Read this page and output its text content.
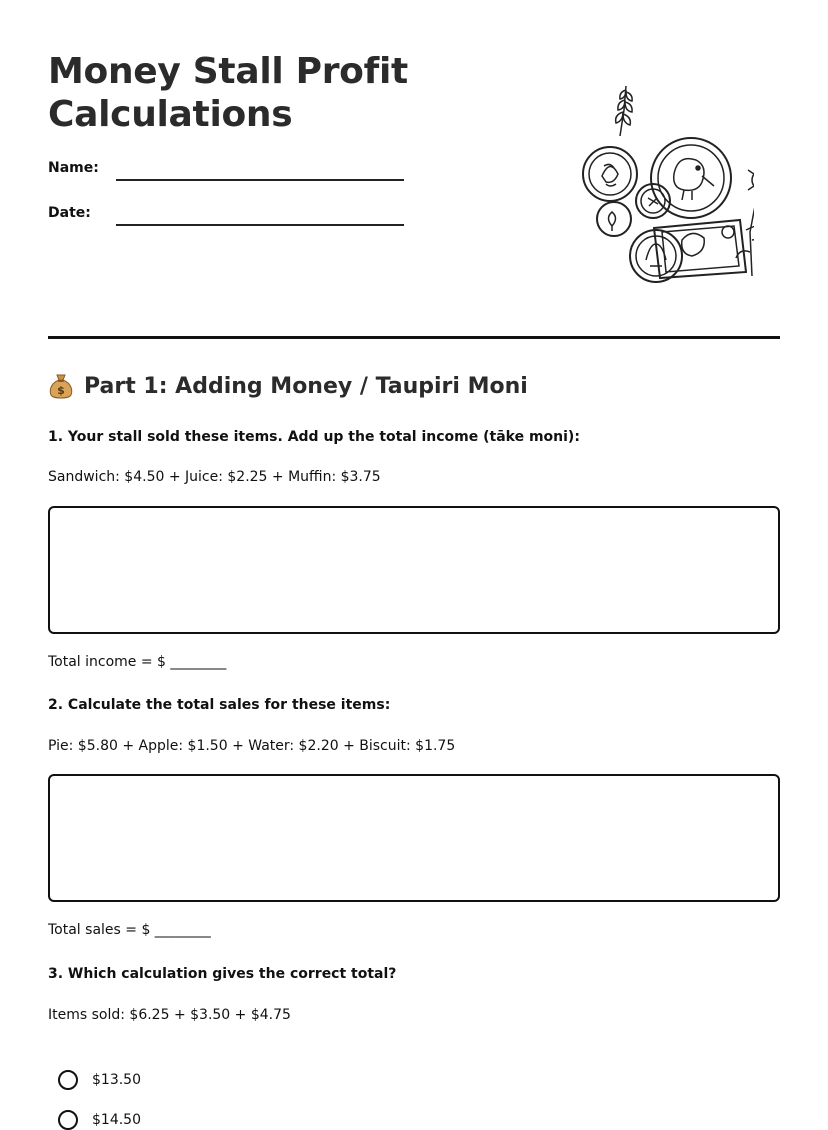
Money Stall Profit Calculations
Name:
Date:
$ Part 1: Adding Money / Taupiri Moni
1. Your stall sold these items. Add up the total income (tāke moni):
Sandwich: $4.50 + Juice: $2.25 + Muffin: $3.75
Total income = $ ________
2. Calculate the total sales for these items:
Pie: $5.80 + Apple: $1.50 + Water: $2.20 + Biscuit: $1.75
Total sales = $ ________
3. Which calculation gives the correct total?
Items sold: $6.25 + $3.50 + $4.75
$13.50
$14.50
